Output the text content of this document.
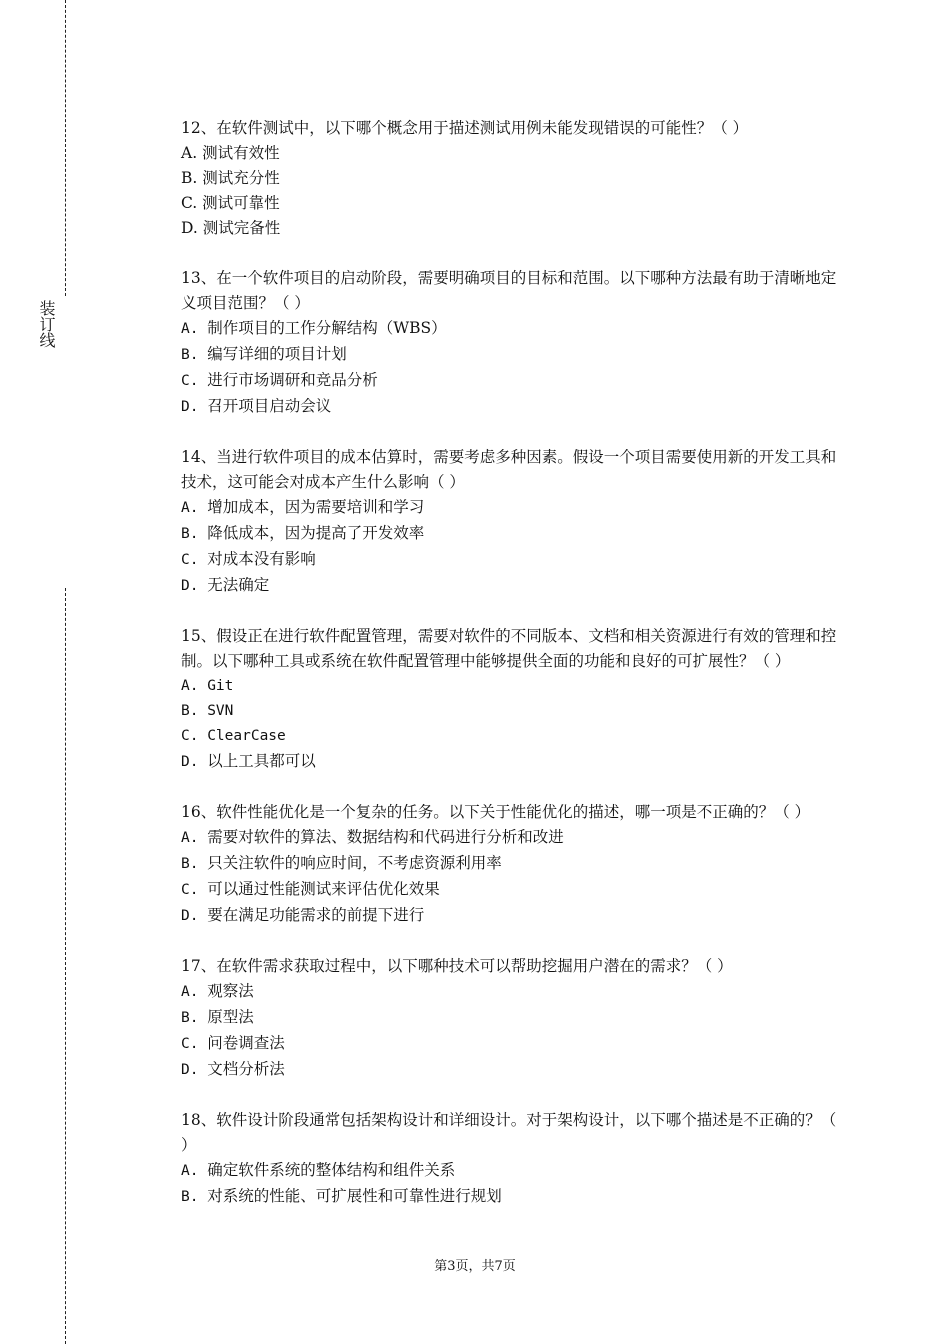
装订线

12、在软件测试中，以下哪个概念用于描述测试用例未能发现错误的可能性？（ ）

A. 测试有效性

B. 测试充分性

C. 测试可靠性

D. 测试完备性

13、在一个软件项目的启动阶段，需要明确项目的目标和范围。以下哪种方法最有助于清晰地定义项目范围？（ ）

A. 制作项目的工作分解结构（WBS）

B. 编写详细的项目计划

C. 进行市场调研和竞品分析

D. 召开项目启动会议

14、当进行软件项目的成本估算时，需要考虑多种因素。假设一个项目需要使用新的开发工具和技术，这可能会对成本产生什么影响（ ）

A. 增加成本，因为需要培训和学习

B. 降低成本，因为提高了开发效率

C. 对成本没有影响

D. 无法确定

15、假设正在进行软件配置管理，需要对软件的不同版本、文档和相关资源进行有效的管理和控制。以下哪种工具或系统在软件配置管理中能够提供全面的功能和良好的可扩展性？（ ）

A. Git

B. SVN

C. ClearCase

D. 以上工具都可以

16、软件性能优化是一个复杂的任务。以下关于性能优化的描述，哪一项是不正确的？（ ）

A. 需要对软件的算法、数据结构和代码进行分析和改进

B. 只关注软件的响应时间，不考虑资源利用率

C. 可以通过性能测试来评估优化效果

D. 要在满足功能需求的前提下进行

17、在软件需求获取过程中，以下哪种技术可以帮助挖掘用户潜在的需求？（ ）

A. 观察法

B. 原型法

C. 问卷调查法

D. 文档分析法

18、软件设计阶段通常包括架构设计和详细设计。对于架构设计，以下哪个描述是不正确的？（ ）

A. 确定软件系统的整体结构和组件关系

B. 对系统的性能、可扩展性和可靠性进行规划

第3页，共7页
